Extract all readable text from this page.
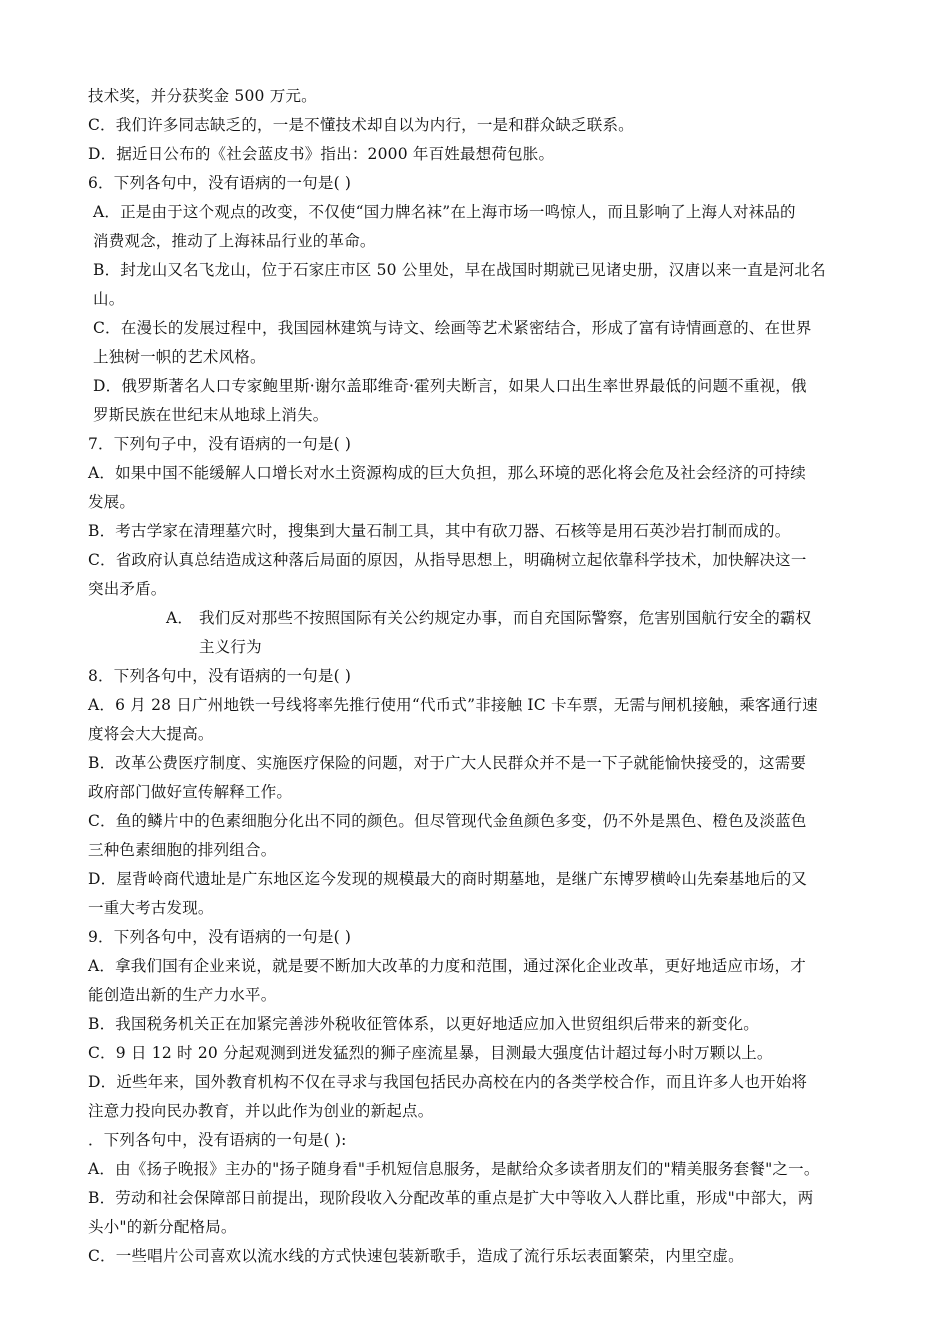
技术奖，并分获奖金 500 万元。
C．我们许多同志缺乏的，一是不懂技术却自以为内行，一是和群众缺乏联系。
D．据近日公布的《社会蓝皮书》指出：2000 年百姓最想荷包胀。
6．下列各句中，没有语病的一句是( )
A．正是由于这个观点的改变，不仅使“国力牌名袜”在上海市场一鸣惊人，而且影响了上海人对袜品的
消费观念，推动了上海袜品行业的革命。
B．封龙山又名飞龙山，位于石家庄市区 50 公里处，早在战国时期就已见诸史册，汉唐以来一直是河北名
山。
C．在漫长的发展过程中，我国园林建筑与诗文、绘画等艺术紧密结合，形成了富有诗情画意的、在世界
上独树一帜的艺术风格。
D．俄罗斯著名人口专家鲍里斯·谢尔盖耶维奇·霍列夫断言，如果人口出生率世界最低的问题不重视，俄
罗斯民族在世纪末从地球上消失。
7．下列句子中，没有语病的一句是( )
A．如果中国不能缓解人口增长对水土资源构成的巨大负担，那么环境的恶化将会危及社会经济的可持续
发展。
B．考古学家在清理墓穴时，搜集到大量石制工具，其中有砍刀器、石核等是用石英沙岩打制而成的。
C．省政府认真总结造成这种落后局面的原因，从指导思想上，明确树立起依靠科学技术，加快解决这一
突出矛盾。
A． 我们反对那些不按照国际有关公约规定办事，而自充国际警察，危害别国航行安全的霸权
主义行为
8．下列各句中，没有语病的一句是( )
A．6 月 28 日广州地铁一号线将率先推行使用“代币式”非接触 IC 卡车票，无需与闸机接触，乘客通行速
度将会大大提高。
B．改革公费医疗制度、实施医疗保险的问题，对于广大人民群众并不是一下子就能愉快接受的，这需要
政府部门做好宣传解释工作。
C．鱼的鳞片中的色素细胞分化出不同的颜色。但尽管现代金鱼颜色多变，仍不外是黑色、橙色及淡蓝色
三种色素细胞的排列组合。
D．屋背岭商代遗址是广东地区迄今发现的规模最大的商时期墓地，是继广东博罗横岭山先秦基地后的又
一重大考古发现。
9．下列各句中，没有语病的一句是( )
A．拿我们国有企业来说，就是要不断加大改革的力度和范围，通过深化企业改革，更好地适应市场，才
能创造出新的生产力水平。
B．我国税务机关正在加紧完善涉外税收征管体系，以更好地适应加入世贸组织后带来的新变化。
C．9 日 12 时 20 分起观测到迸发猛烈的狮子座流星暴，目测最大强度估计超过每小时万颗以上。
D．近些年来，国外教育机构不仅在寻求与我国包括民办高校在内的各类学校合作，而且许多人也开始将
注意力投向民办教育，并以此作为创业的新起点。
．下列各句中，没有语病的一句是( ):
A．由《扬子晚报》主办的"扬子随身看"手机短信息服务，是献给众多读者朋友们的"精美服务套餐"之一。
B．劳动和社会保障部日前提出，现阶段收入分配改革的重点是扩大中等收入人群比重，形成"中部大，两
头小"的新分配格局。
C．一些唱片公司喜欢以流水线的方式快速包装新歌手，造成了流行乐坛表面繁荣，内里空虚。
